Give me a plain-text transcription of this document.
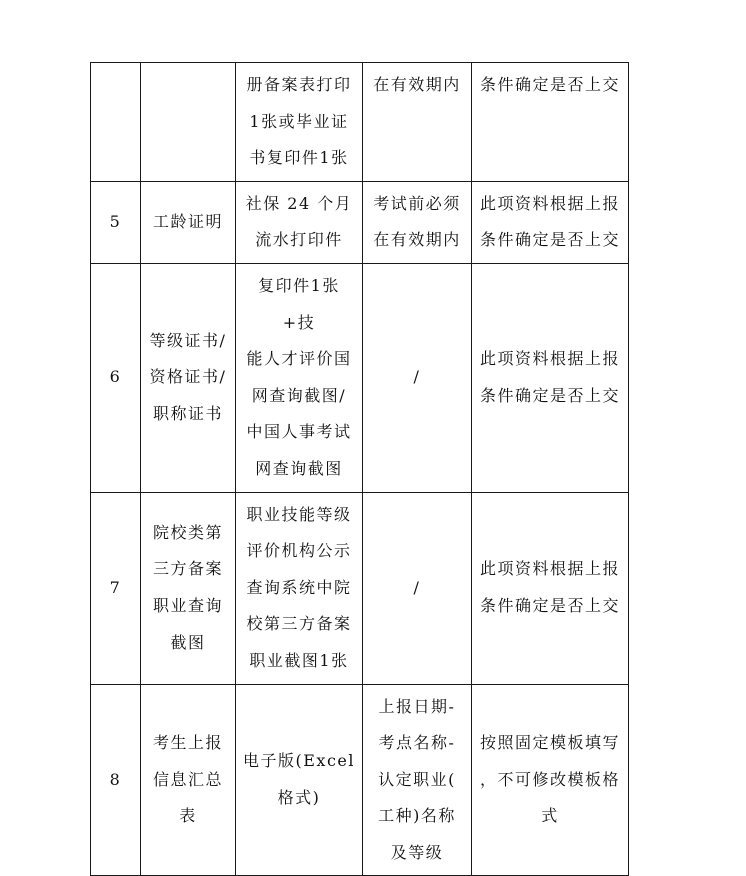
		册备案表打印
1张或毕业证
书复印件1张	在有效期内	条件确定是否上交

5	工龄证明	社保 24 个月
流水打印件	考试前必须
在有效期内	此项资料根据上报
条件确定是否上交

6	等级证书/
资格证书/
职称证书	复印件1张+技
能人才评价国
网查询截图/
中国人事考试
网查询截图	/	此项资料根据上报
条件确定是否上交

7	院校类第
三方备案
职业查询
截图	职业技能等级
评价机构公示
查询系统中院
校第三方备案
职业截图1张	/	此项资料根据上报
条件确定是否上交

8	考生上报
信息汇总
表	电子版(Excel
格式)	上报日期-
考点名称-
认定职业(
工种)名称
及等级	按照固定模板填写
，不可修改模板格
式
